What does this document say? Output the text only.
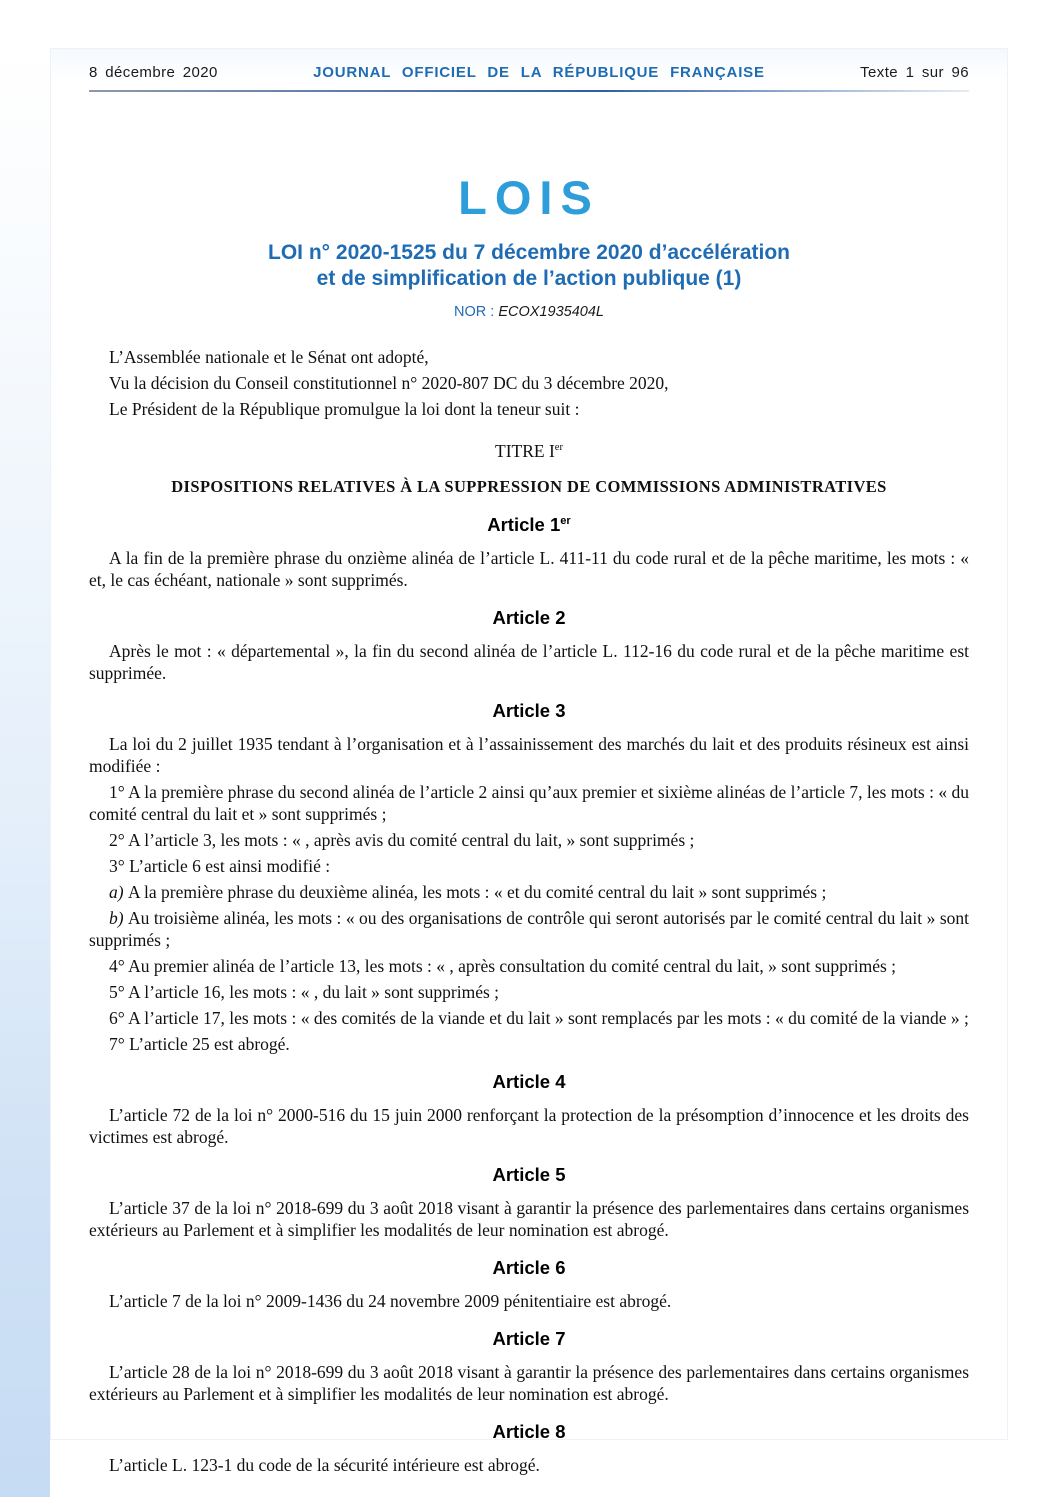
8 décembre 2020	JOURNAL OFFICIEL DE LA RÉPUBLIQUE FRANÇAISE	Texte 1 sur 96
LOIS
LOI n° 2020-1525 du 7 décembre 2020 d’accélération
et de simplification de l’action publique (1)
NOR : ECOX1935404L

L’Assemblée nationale et le Sénat ont adopté,

Vu la décision du Conseil constitutionnel n° 2020-807 DC du 3 décembre 2020,

Le Président de la République promulgue la loi dont la teneur suit :

TITRE Ier
DISPOSITIONS RELATIVES À LA SUPPRESSION DE COMMISSIONS ADMINISTRATIVES
Article 1er

A la fin de la première phrase du onzième alinéa de l’article L. 411-11 du code rural et de la pêche maritime, les mots : « et, le cas échéant, nationale » sont supprimés.

Article 2

Après le mot : « départemental », la fin du second alinéa de l’article L. 112-16 du code rural et de la pêche maritime est supprimée.

Article 3

La loi du 2 juillet 1935 tendant à l’organisation et à l’assainissement des marchés du lait et des produits résineux est ainsi modifiée :

1° A la première phrase du second alinéa de l’article 2 ainsi qu’aux premier et sixième alinéas de l’article 7, les mots : « du comité central du lait et » sont supprimés ;

2° A l’article 3, les mots : « , après avis du comité central du lait, » sont supprimés ;

3° L’article 6 est ainsi modifié :

a) A la première phrase du deuxième alinéa, les mots : « et du comité central du lait » sont supprimés ;

b) Au troisième alinéa, les mots : « ou des organisations de contrôle qui seront autorisés par le comité central du lait » sont supprimés ;

4° Au premier alinéa de l’article 13, les mots : « , après consultation du comité central du lait, » sont supprimés ;

5° A l’article 16, les mots : « , du lait » sont supprimés ;

6° A l’article 17, les mots : « des comités de la viande et du lait » sont remplacés par les mots : « du comité de la viande » ;

7° L’article 25 est abrogé.

Article 4

L’article 72 de la loi n° 2000-516 du 15 juin 2000 renforçant la protection de la présomption d’innocence et les droits des victimes est abrogé.

Article 5

L’article 37 de la loi n° 2018-699 du 3 août 2018 visant à garantir la présence des parlementaires dans certains organismes extérieurs au Parlement et à simplifier les modalités de leur nomination est abrogé.

Article 6

L’article 7 de la loi n° 2009-1436 du 24 novembre 2009 pénitentiaire est abrogé.

Article 7

L’article 28 de la loi n° 2018-699 du 3 août 2018 visant à garantir la présence des parlementaires dans certains organismes extérieurs au Parlement et à simplifier les modalités de leur nomination est abrogé.

Article 8

L’article L. 123-1 du code de la sécurité intérieure est abrogé.
